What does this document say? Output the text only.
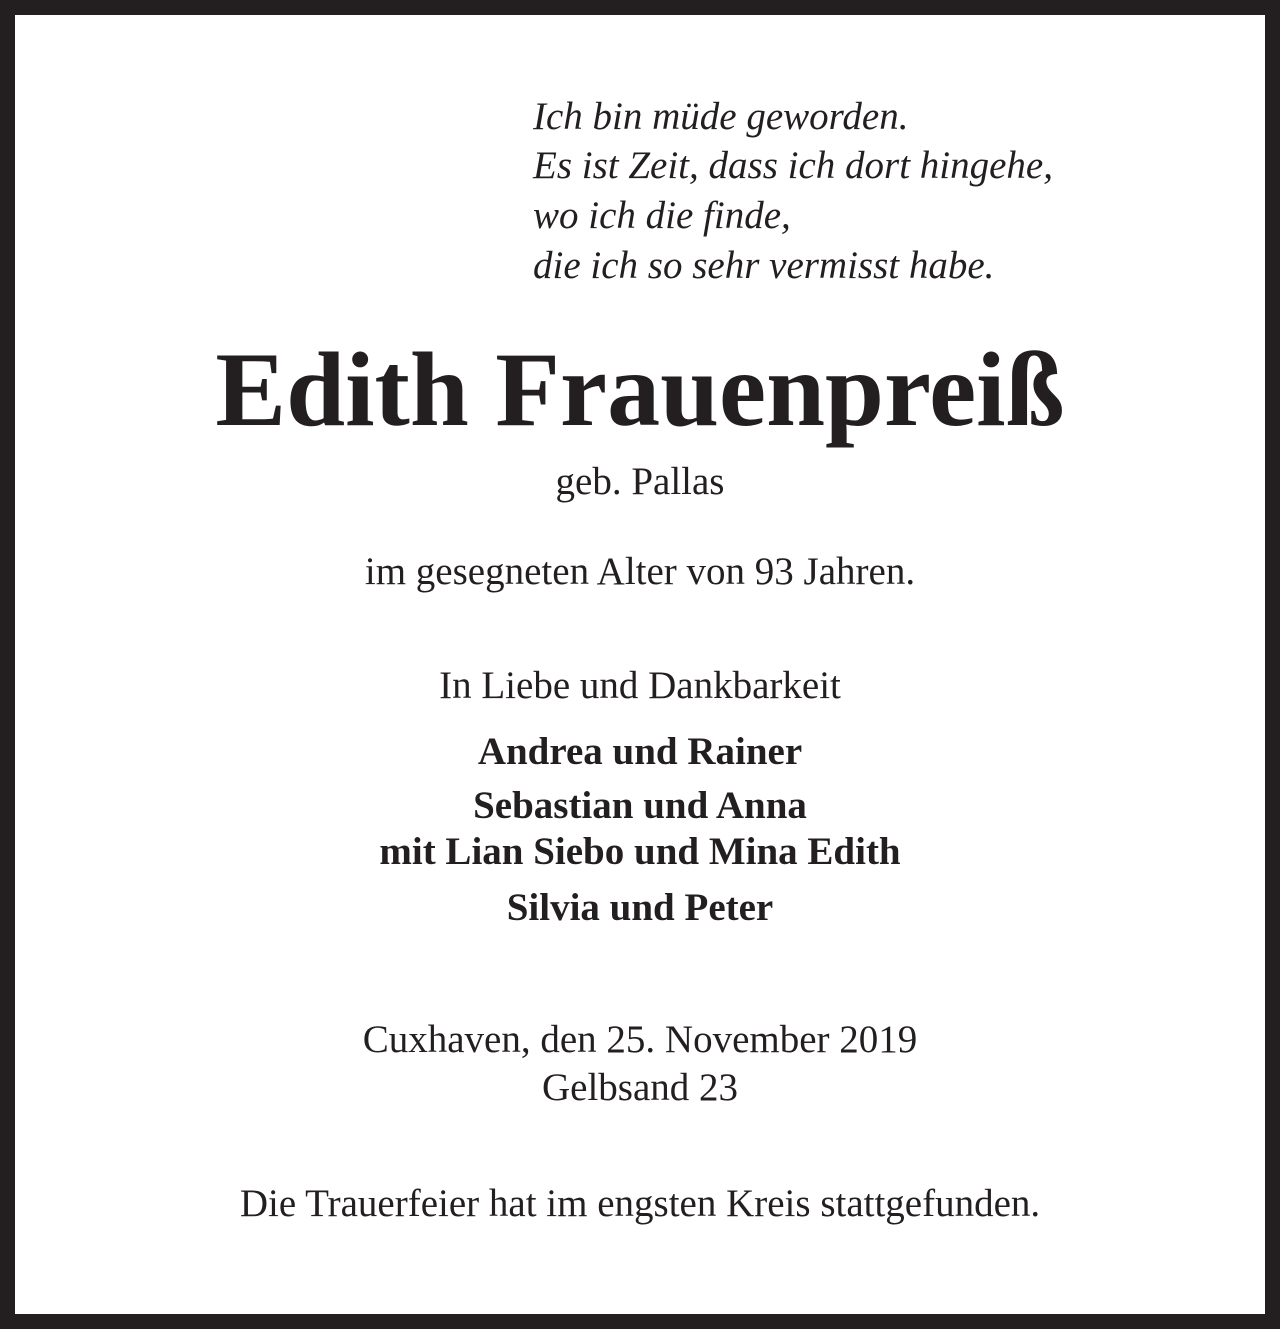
Ich bin müde geworden.
Es ist Zeit, dass ich dort hingehe,
wo ich die finde,
die ich so sehr vermisst habe.
Edith Frauenpreiß
geb. Pallas
im gesegneten Alter von 93 Jahren.
In Liebe und Dankbarkeit
Andrea und Rainer
Sebastian und Anna
mit Lian Siebo und Mina Edith
Silvia und Peter
Cuxhaven, den 25. November 2019
Gelbsand 23
Die Trauerfeier hat im engsten Kreis stattgefunden.
